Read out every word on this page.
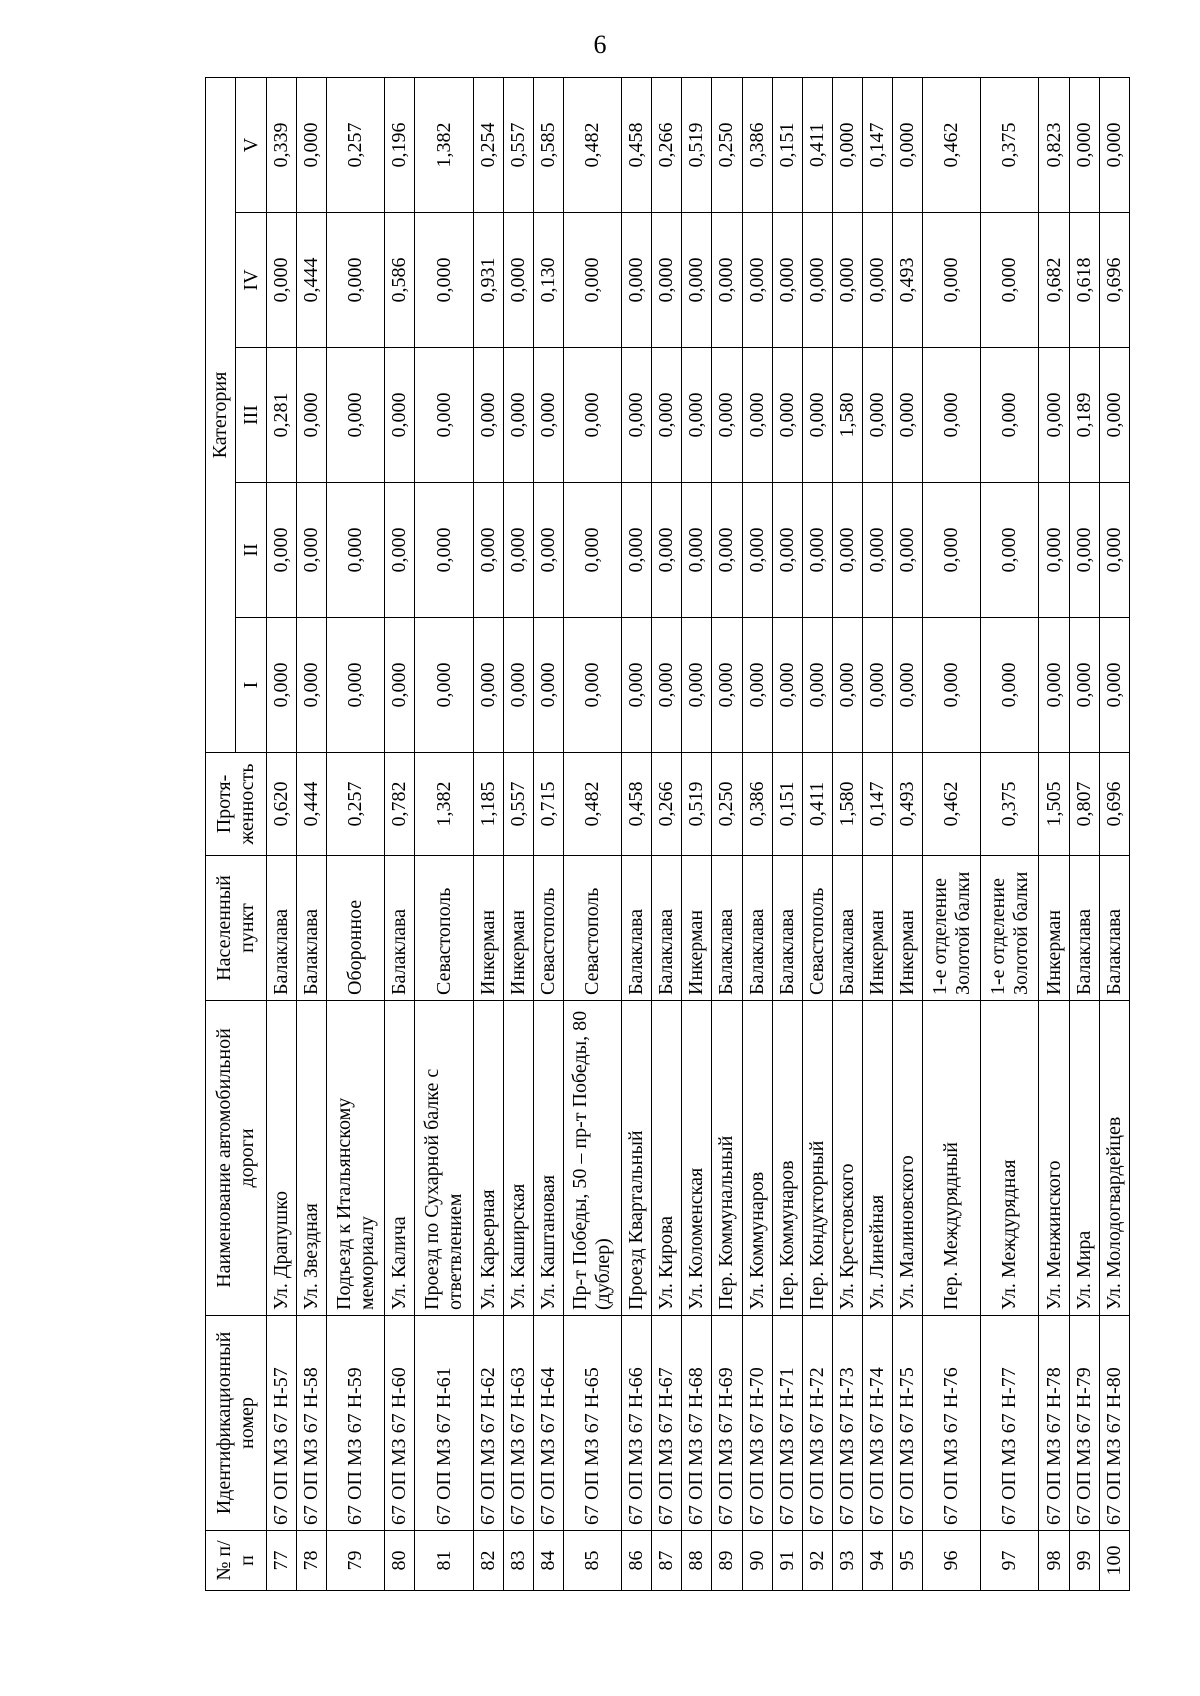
6
№ п/п	Идентификационный номер	Наименование автомобильной дороги	Населенный пункт	Протя-женность	Категория				
					I	II	III	IV	V
77	67 ОП МЗ 67 Н-57	Ул. Драпушко	Балаклава	0,620	0,000	0,000	0,281	0,000	0,339
78	67 ОП МЗ 67 Н-58	Ул. Звездная	Балаклава	0,444	0,000	0,000	0,000	0,444	0,000
79	67 ОП МЗ 67 Н-59	Подъезд к Итальянскому мемориалу	Оборонное	0,257	0,000	0,000	0,000	0,000	0,257
80	67 ОП МЗ 67 Н-60	Ул. Калича	Балаклава	0,782	0,000	0,000	0,000	0,586	0,196
81	67 ОП МЗ 67 Н-61	Проезд по Сухарной балке с ответвлением	Севастополь	1,382	0,000	0,000	0,000	0,000	1,382
82	67 ОП МЗ 67 Н-62	Ул. Карьерная	Инкерман	1,185	0,000	0,000	0,000	0,931	0,254
83	67 ОП МЗ 67 Н-63	Ул. Каширская	Инкерман	0,557	0,000	0,000	0,000	0,000	0,557
84	67 ОП МЗ 67 Н-64	Ул. Каштановая	Севастополь	0,715	0,000	0,000	0,000	0,130	0,585
85	67 ОП МЗ 67 Н-65	Пр-т Победы, 50 – пр-т Победы, 80 (дублер)	Севастополь	0,482	0,000	0,000	0,000	0,000	0,482
86	67 ОП МЗ 67 Н-66	Проезд Квартальный	Балаклава	0,458	0,000	0,000	0,000	0,000	0,458
87	67 ОП МЗ 67 Н-67	Ул. Кирова	Балаклава	0,266	0,000	0,000	0,000	0,000	0,266
88	67 ОП МЗ 67 Н-68	Ул. Коломенская	Инкерман	0,519	0,000	0,000	0,000	0,000	0,519
89	67 ОП МЗ 67 Н-69	Пер. Коммунальный	Балаклава	0,250	0,000	0,000	0,000	0,000	0,250
90	67 ОП МЗ 67 Н-70	Ул. Коммунаров	Балаклава	0,386	0,000	0,000	0,000	0,000	0,386
91	67 ОП МЗ 67 Н-71	Пер. Коммунаров	Балаклава	0,151	0,000	0,000	0,000	0,000	0,151
92	67 ОП МЗ 67 Н-72	Пер. Кондукторный	Севастополь	0,411	0,000	0,000	0,000	0,000	0,411
93	67 ОП МЗ 67 Н-73	Ул. Крестовского	Балаклава	1,580	0,000	0,000	1,580	0,000	0,000
94	67 ОП МЗ 67 Н-74	Ул. Линейная	Инкерман	0,147	0,000	0,000	0,000	0,000	0,147
95	67 ОП МЗ 67 Н-75	Ул. Малиновского	Инкерман	0,493	0,000	0,000	0,000	0,493	0,000
96	67 ОП МЗ 67 Н-76	Пер. Междурядный	1-е отделение Золотой балки	0,462	0,000	0,000	0,000	0,000	0,462
97	67 ОП МЗ 67 Н-77	Ул. Междурядная	1-е отделение Золотой балки	0,375	0,000	0,000	0,000	0,000	0,375
98	67 ОП МЗ 67 Н-78	Ул. Менжинского	Инкерман	1,505	0,000	0,000	0,000	0,682	0,823
99	67 ОП МЗ 67 Н-79	Ул. Мира	Балаклава	0,807	0,000	0,000	0,189	0,618	0,000
100	67 ОП МЗ 67 Н-80	Ул. Молодогвардейцев	Балаклава	0,696	0,000	0,000	0,000	0,696	0,000
